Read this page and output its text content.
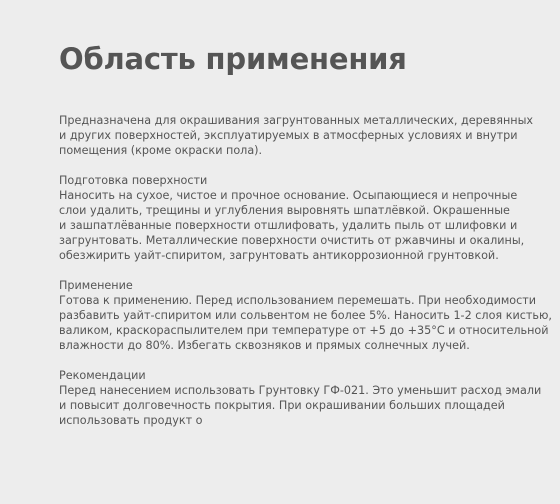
Область применения

Предназначена для окрашивания загрунтованных металлических, деревянных
и других поверхностей, эксплуатируемых в атмосферных условиях и внутри
помещения (кроме окраски пола).

Подготовка поверхности
Наносить на сухое, чистое и прочное основание. Осыпающиеся и непрочные
слои удалить, трещины и углубления выровнять шпатлёвкой. Окрашенные
и зашпатлёванные поверхности отшлифовать, удалить пыль от шлифовки и
загрунтовать. Металлические поверхности очистить от ржавчины и окалины,
обезжирить уайт-спиритом, загрунтовать антикоррозионной грунтовкой.

Применение
Готова к применению. Перед использованием перемешать. При необходимости
разбавить уайт-спиритом или сольвентом не более 5%. Наносить 1-2 слоя кистью,
валиком, краскораспылителем при температуре от +5 до +35°С и относительной
влажности до 80%. Избегать сквозняков и прямых солнечных лучей.

Рекомендации
Перед нанесением использовать Грунтовку ГФ-021. Это уменьшит расход эмали
и повысит долговечность покрытия. При окрашивании больших площадей
использовать продукт о
